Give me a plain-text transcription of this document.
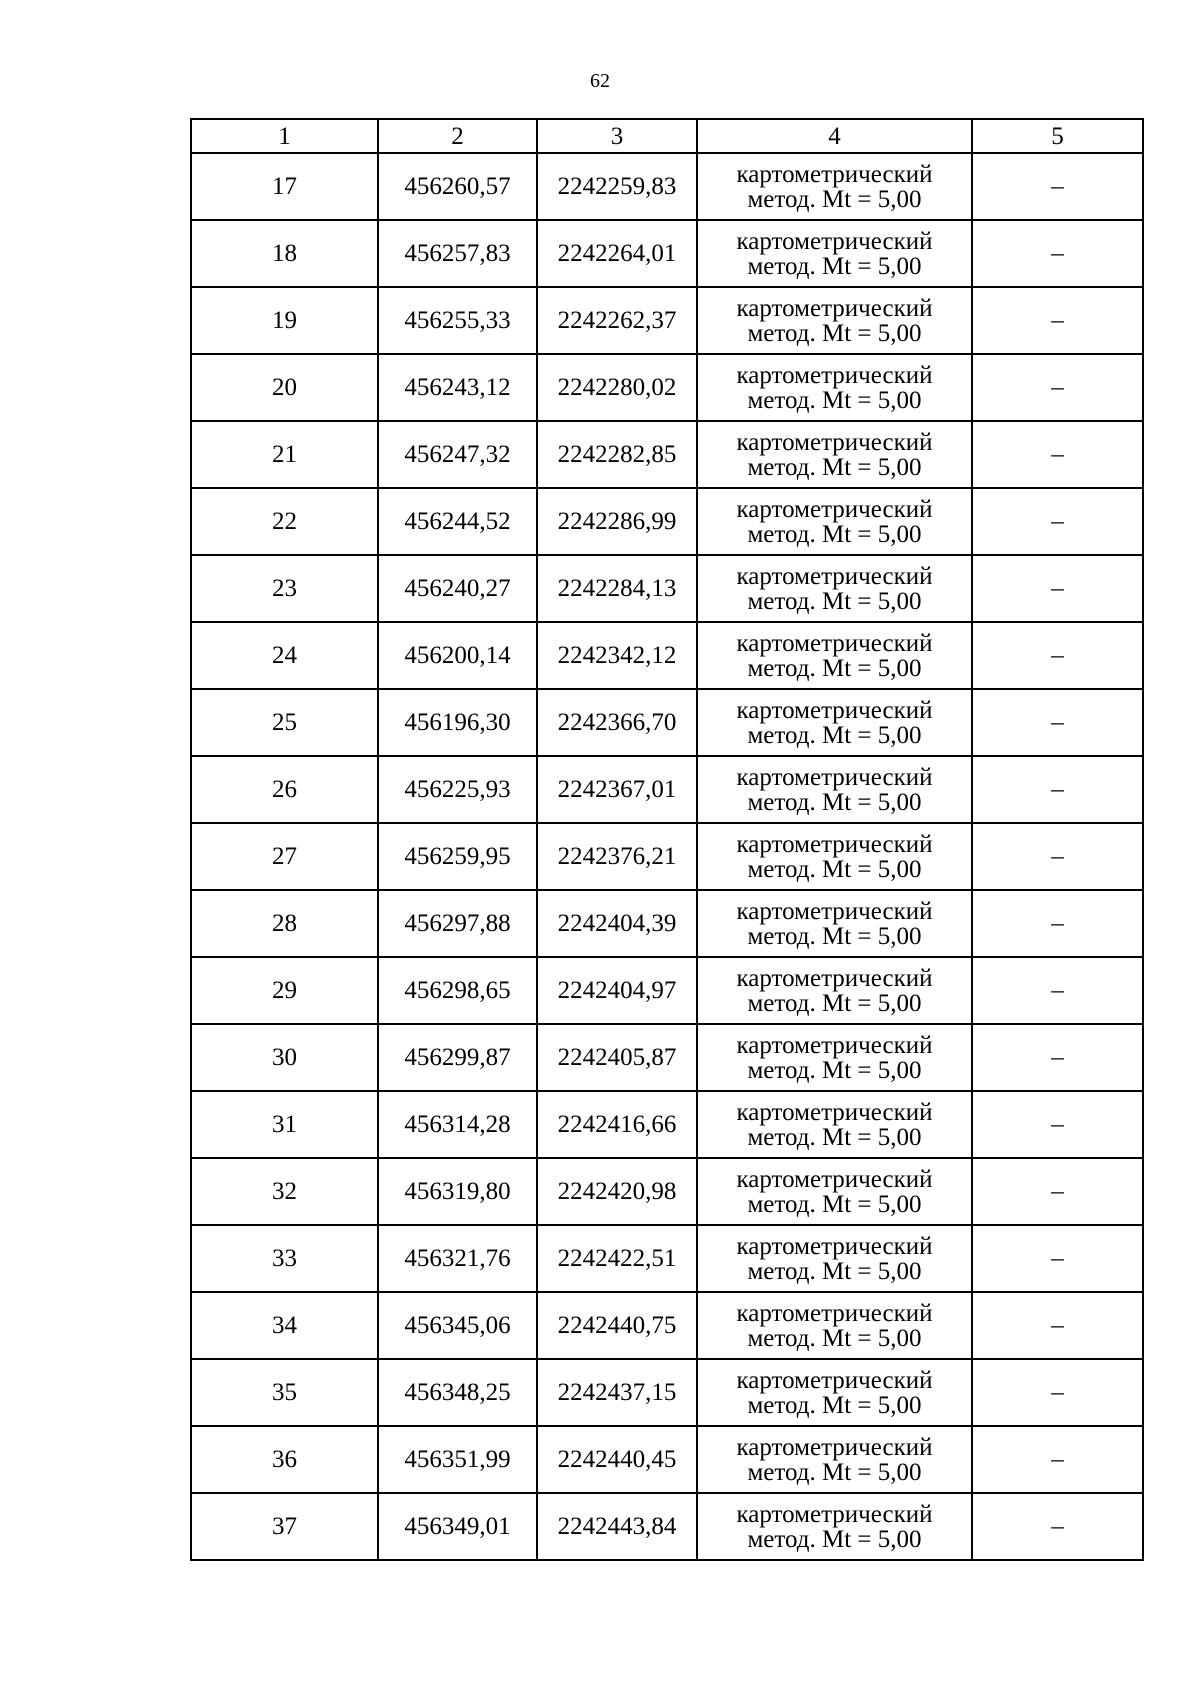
62
1	2	3	4	5
17	456260,57	2242259,83	картометрический
метод. Mt = 5,00	–
18	456257,83	2242264,01	картометрический
метод. Mt = 5,00	–
19	456255,33	2242262,37	картометрический
метод. Mt = 5,00	–
20	456243,12	2242280,02	картометрический
метод. Mt = 5,00	–
21	456247,32	2242282,85	картометрический
метод. Mt = 5,00	–
22	456244,52	2242286,99	картометрический
метод. Mt = 5,00	–
23	456240,27	2242284,13	картометрический
метод. Mt = 5,00	–
24	456200,14	2242342,12	картометрический
метод. Mt = 5,00	–
25	456196,30	2242366,70	картометрический
метод. Mt = 5,00	–
26	456225,93	2242367,01	картометрический
метод. Mt = 5,00	–
27	456259,95	2242376,21	картометрический
метод. Mt = 5,00	–
28	456297,88	2242404,39	картометрический
метод. Mt = 5,00	–
29	456298,65	2242404,97	картометрический
метод. Mt = 5,00	–
30	456299,87	2242405,87	картометрический
метод. Mt = 5,00	–
31	456314,28	2242416,66	картометрический
метод. Mt = 5,00	–
32	456319,80	2242420,98	картометрический
метод. Mt = 5,00	–
33	456321,76	2242422,51	картометрический
метод. Mt = 5,00	–
34	456345,06	2242440,75	картометрический
метод. Mt = 5,00	–
35	456348,25	2242437,15	картометрический
метод. Mt = 5,00	–
36	456351,99	2242440,45	картометрический
метод. Mt = 5,00	–
37	456349,01	2242443,84	картометрический
метод. Mt = 5,00	–
